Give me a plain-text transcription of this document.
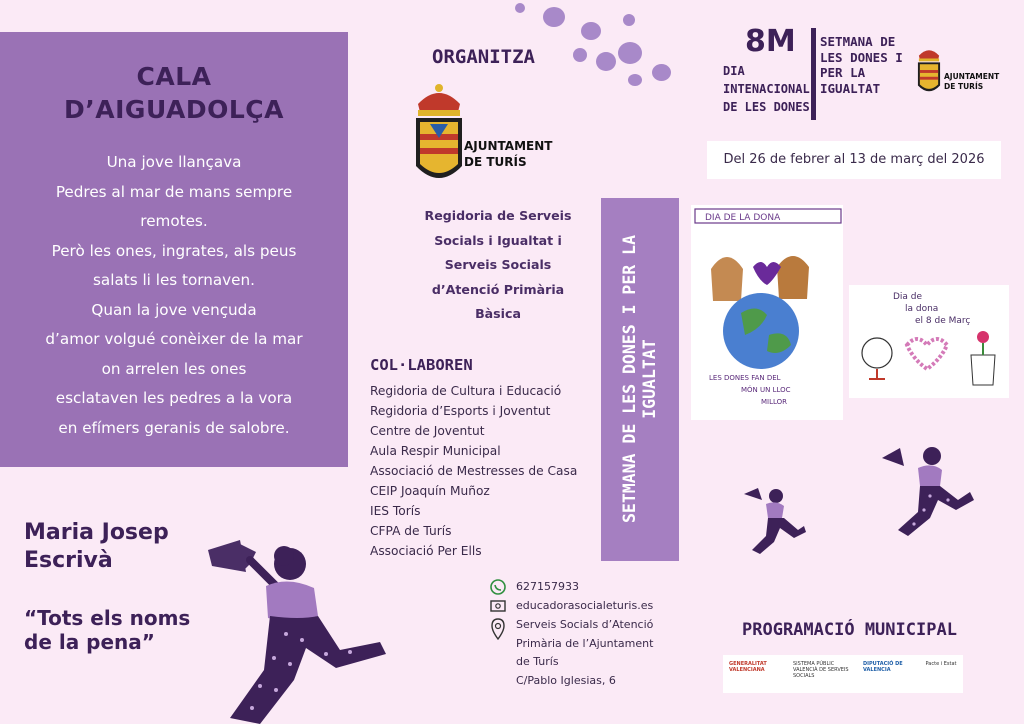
CALA
D’AIGUADOLÇA
Una jove llançava
Pedres al mar de mans sempre
remotes.
Però les ones, ingrates, als peus
salats li les tornaven.
Quan la jove vençuda
d’amor volgué conèixer de la mar
on arrelen les ones
esclataven les pedres a la vora
en efímers geranis de salobre.
Maria Josep
Escrivà
“Tots els noms
de la pena”
ORGANITZA
AJUNTAMENT
DE TURÍS
Regidoria de Serveis
Socials i Igualtat i
Serveis Socials
d’Atenció Primària
Bàsica
COL·LABOREN
Regidoria de Cultura i Educació
Regidoria d’Esports i Joventut
Centre de Joventut
Aula Respir Municipal
Associació de Mestresses de Casa
CEIP Joaquín Muñoz
IES Torís
CFPA de Turís
Associació Per Ells
SETMANA DE LES DONES I PER LA IGUALTAT
627157933
educadorasocialeturis.es
Serveis Socials d’Atenció
Primària de l’Ajuntament
de Turís
C/Pablo Iglesias, 6
8M
DIA
INTENACIONAL
DE LES DONES
SETMANA DE
LES DONES I
PER LA
IGUALTAT
AJUNTAMENT
DE TURÍS
Del 26 de febrer al 13 de març del 2026
DIA DE LA DONA
LES DONES FAN DEL
MÓN UN LLOC
MILLOR
Dia de
la dona
el 8 de Març
PROGRAMACIÓ MUNICIPAL
GENERALITAT VALENCIANA
SISTEMA PÚBLIC VALENCIÀ DE SERVEIS SOCIALS
DIPUTACIÓ DE VALENCIA
Pacte i Estat
